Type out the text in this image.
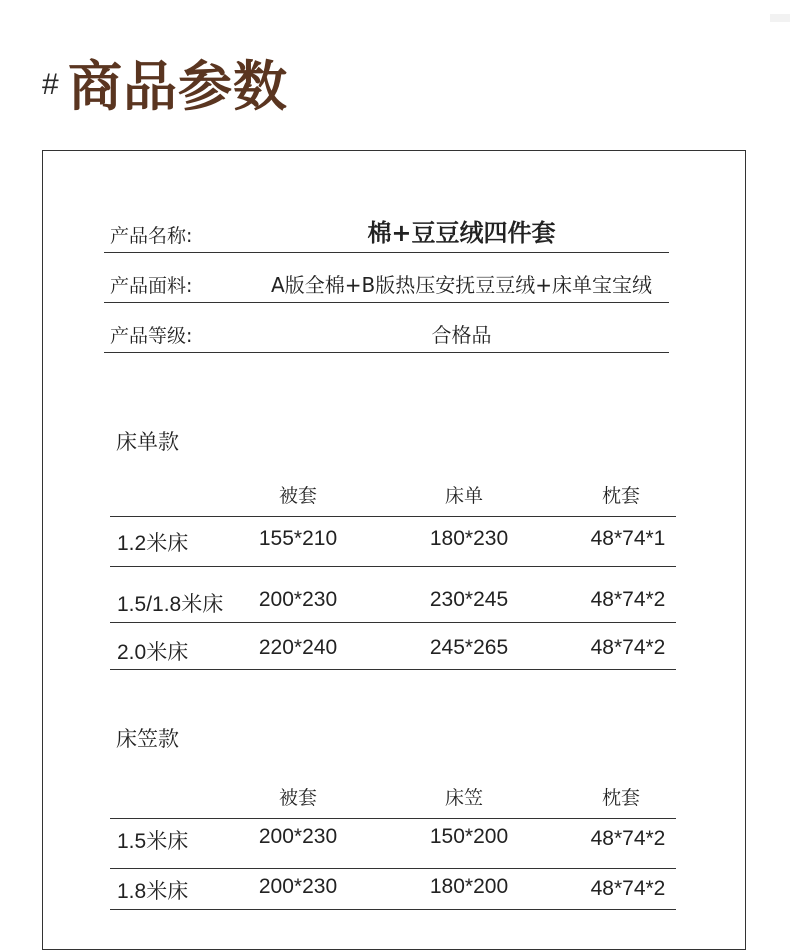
# 商品参数
产品名称:	棉+豆豆绒四件套
产品面料:	A版全棉+B版热压安抚豆豆绒+床单宝宝绒
产品等级:	合格品
床单款
被套	床单	枕套
1.2米床	155*210	180*230	48*74*1
1.5/1.8米床	200*230	230*245	48*74*2
2.0米床	220*240	245*265	48*74*2
床笠款
被套	床笠	枕套
1.5米床	200*230	150*200	48*74*2
1.8米床	200*230	180*200	48*74*2
